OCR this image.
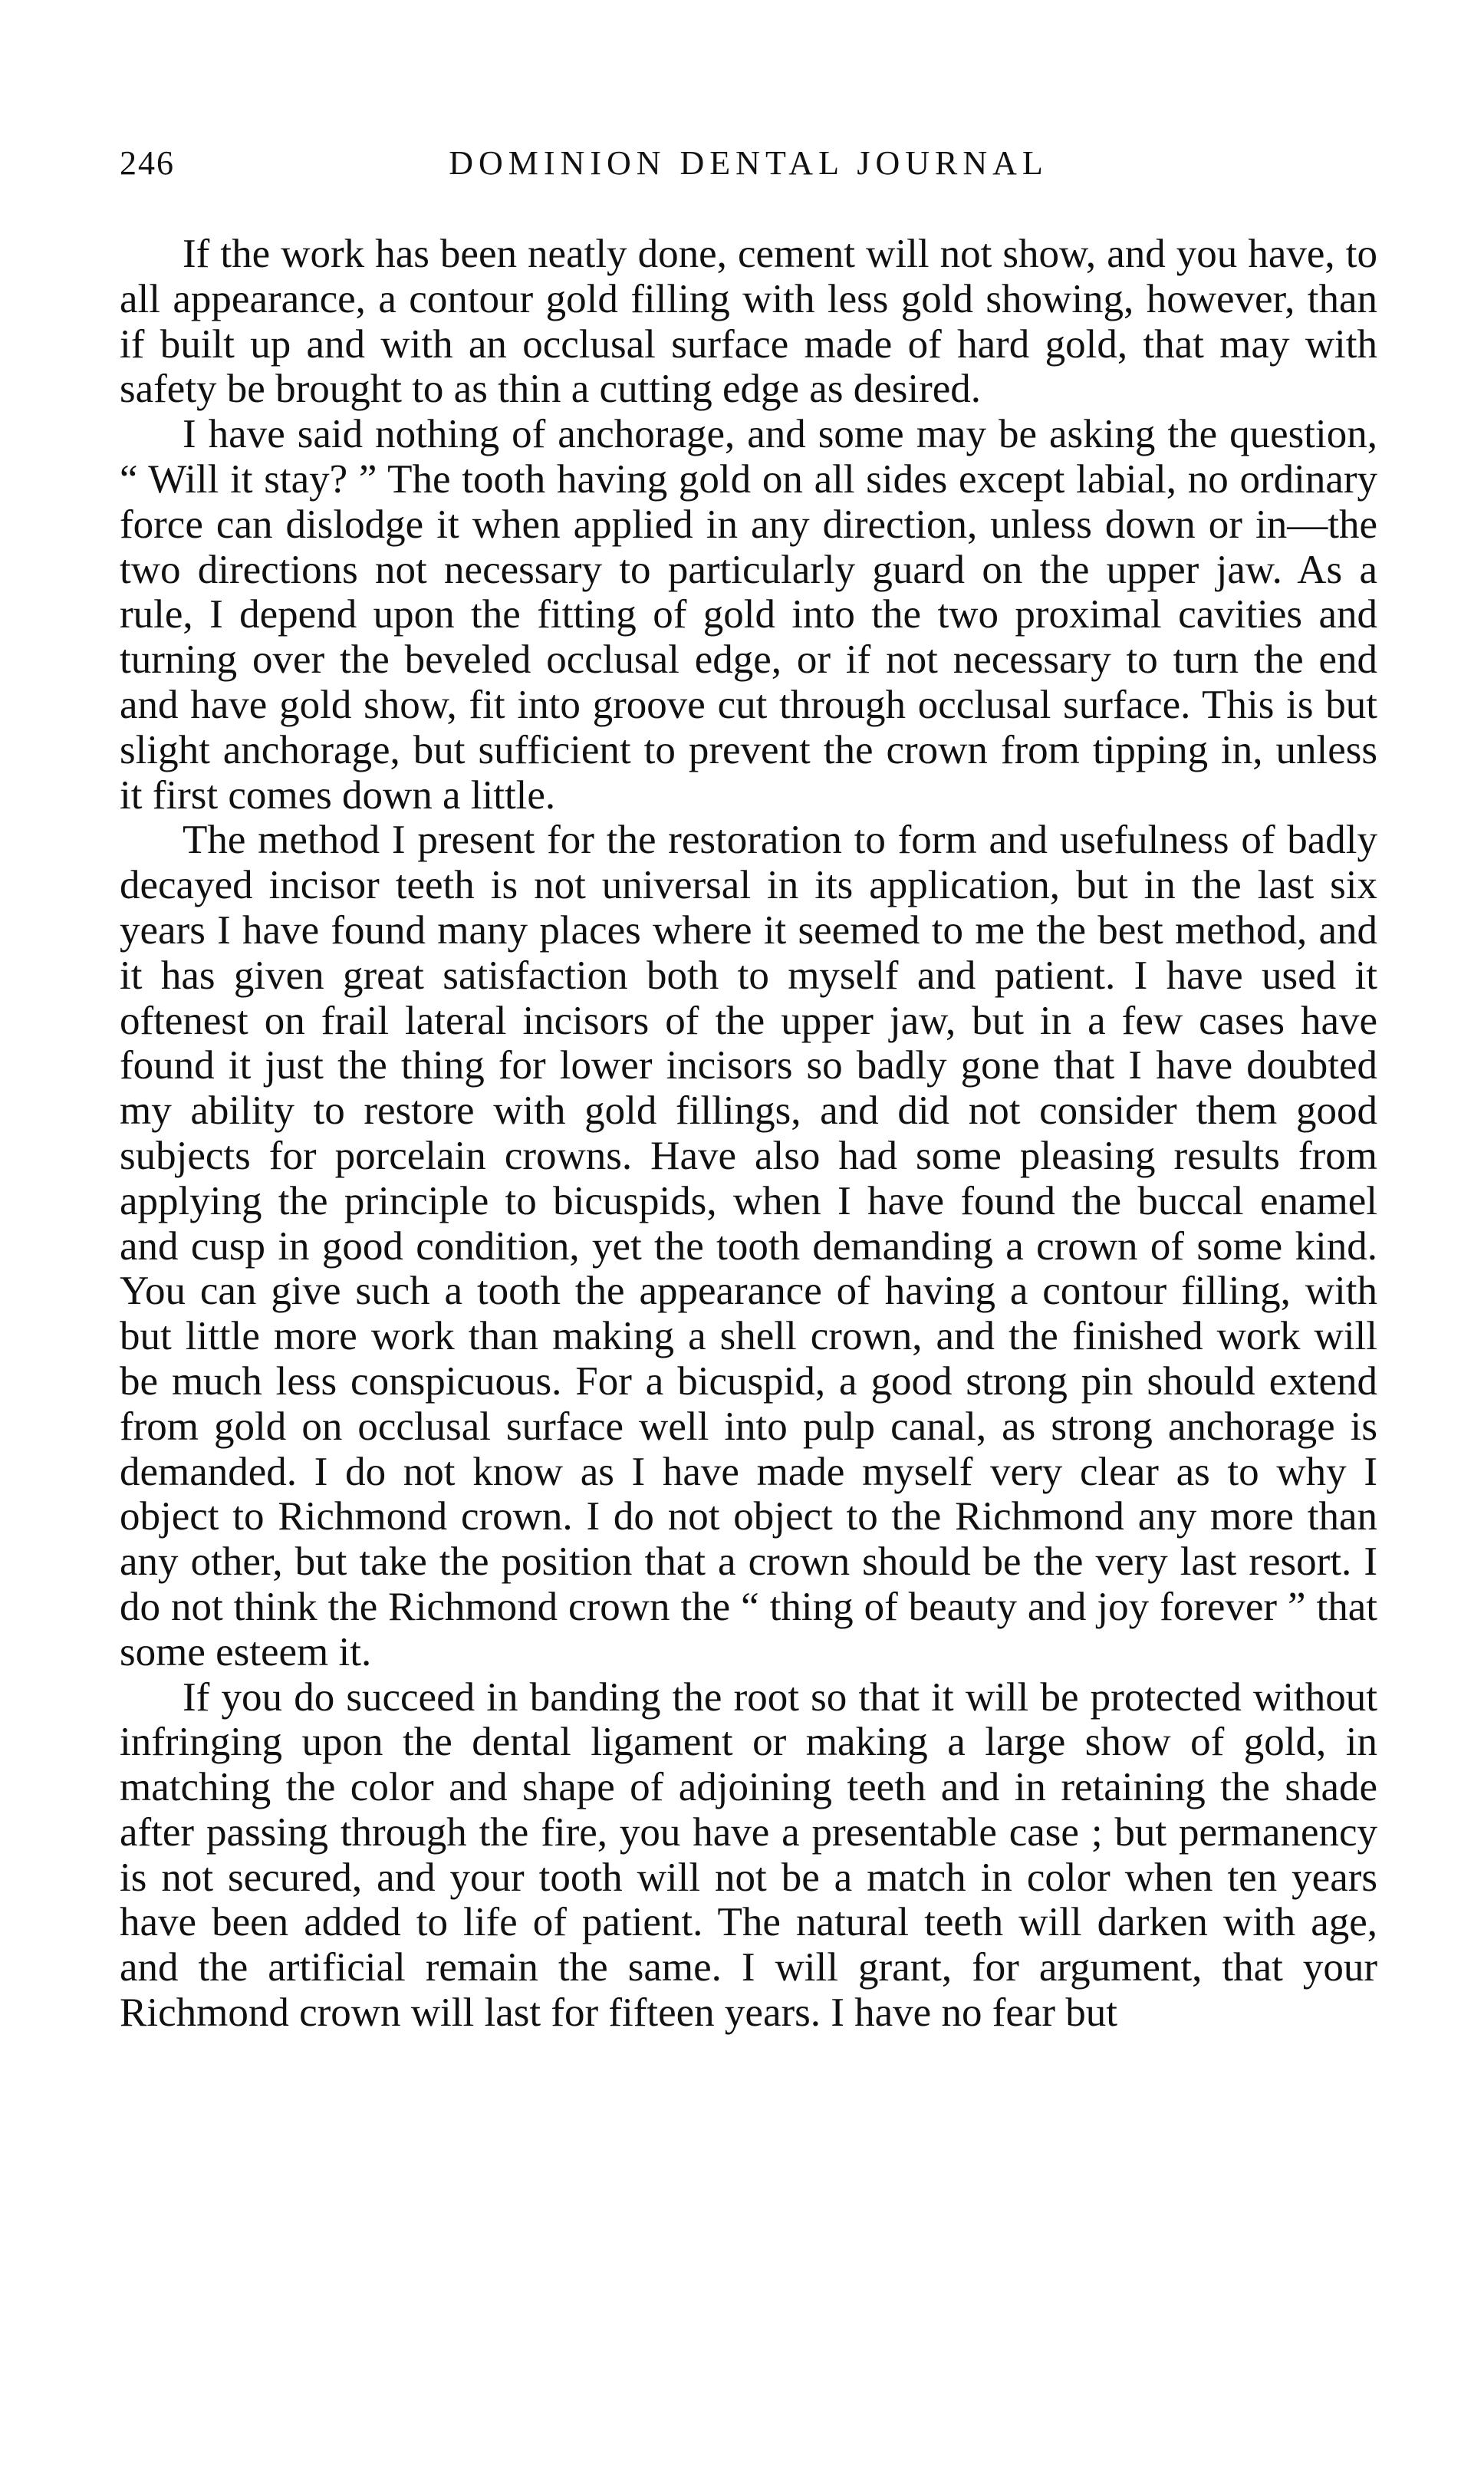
246	DOMINION DENTAL JOURNAL

If the work has been neatly done, cement will not show, and you have, to all appearance, a contour gold filling with less gold showing, however, than if built up and with an occlusal surface made of hard gold, that may with safety be brought to as thin a cutting edge as desired.

I have said nothing of anchorage, and some may be asking the question, “ Will it stay? ” The tooth having gold on all sides except labial, no ordinary force can dislodge it when applied in any direction, unless down or in—the two directions not necessary to particularly guard on the upper jaw. As a rule, I depend upon the fitting of gold into the two proximal cavities and turning over the beveled occlusal edge, or if not necessary to turn the end and have gold show, fit into groove cut through occlusal surface. This is but slight anchorage, but sufficient to prevent the crown from tipping in, unless it first comes down a little.

The method I present for the restoration to form and usefulness of badly decayed incisor teeth is not universal in its application, but in the last six years I have found many places where it seemed to me the best method, and it has given great satisfaction both to myself and patient. I have used it oftenest on frail lateral incisors of the upper jaw, but in a few cases have found it just the thing for lower incisors so badly gone that I have doubted my ability to restore with gold fillings, and did not consider them good subjects for porcelain crowns. Have also had some pleasing results from applying the principle to bicuspids, when I have found the buccal enamel and cusp in good condition, yet the tooth demanding a crown of some kind. You can give such a tooth the appearance of having a contour filling, with but little more work than making a shell crown, and the finished work will be much less conspicuous. For a bicuspid, a good strong pin should extend from gold on occlusal surface well into pulp canal, as strong anchorage is demanded. I do not know as I have made myself very clear as to why I object to Richmond crown. I do not object to the Richmond any more than any other, but take the position that a crown should be the very last resort. I do not think the Richmond crown the “ thing of beauty and joy forever ” that some esteem it.

If you do succeed in banding the root so that it will be protected without infringing upon the dental ligament or making a large show of gold, in matching the color and shape of adjoining teeth and in retaining the shade after passing through the fire, you have a presentable case ; but permanency is not secured, and your tooth will not be a match in color when ten years have been added to life of patient. The natural teeth will darken with age, and the artificial remain the same. I will grant, for argument, that your Richmond crown will last for fifteen years. I have no fear but
